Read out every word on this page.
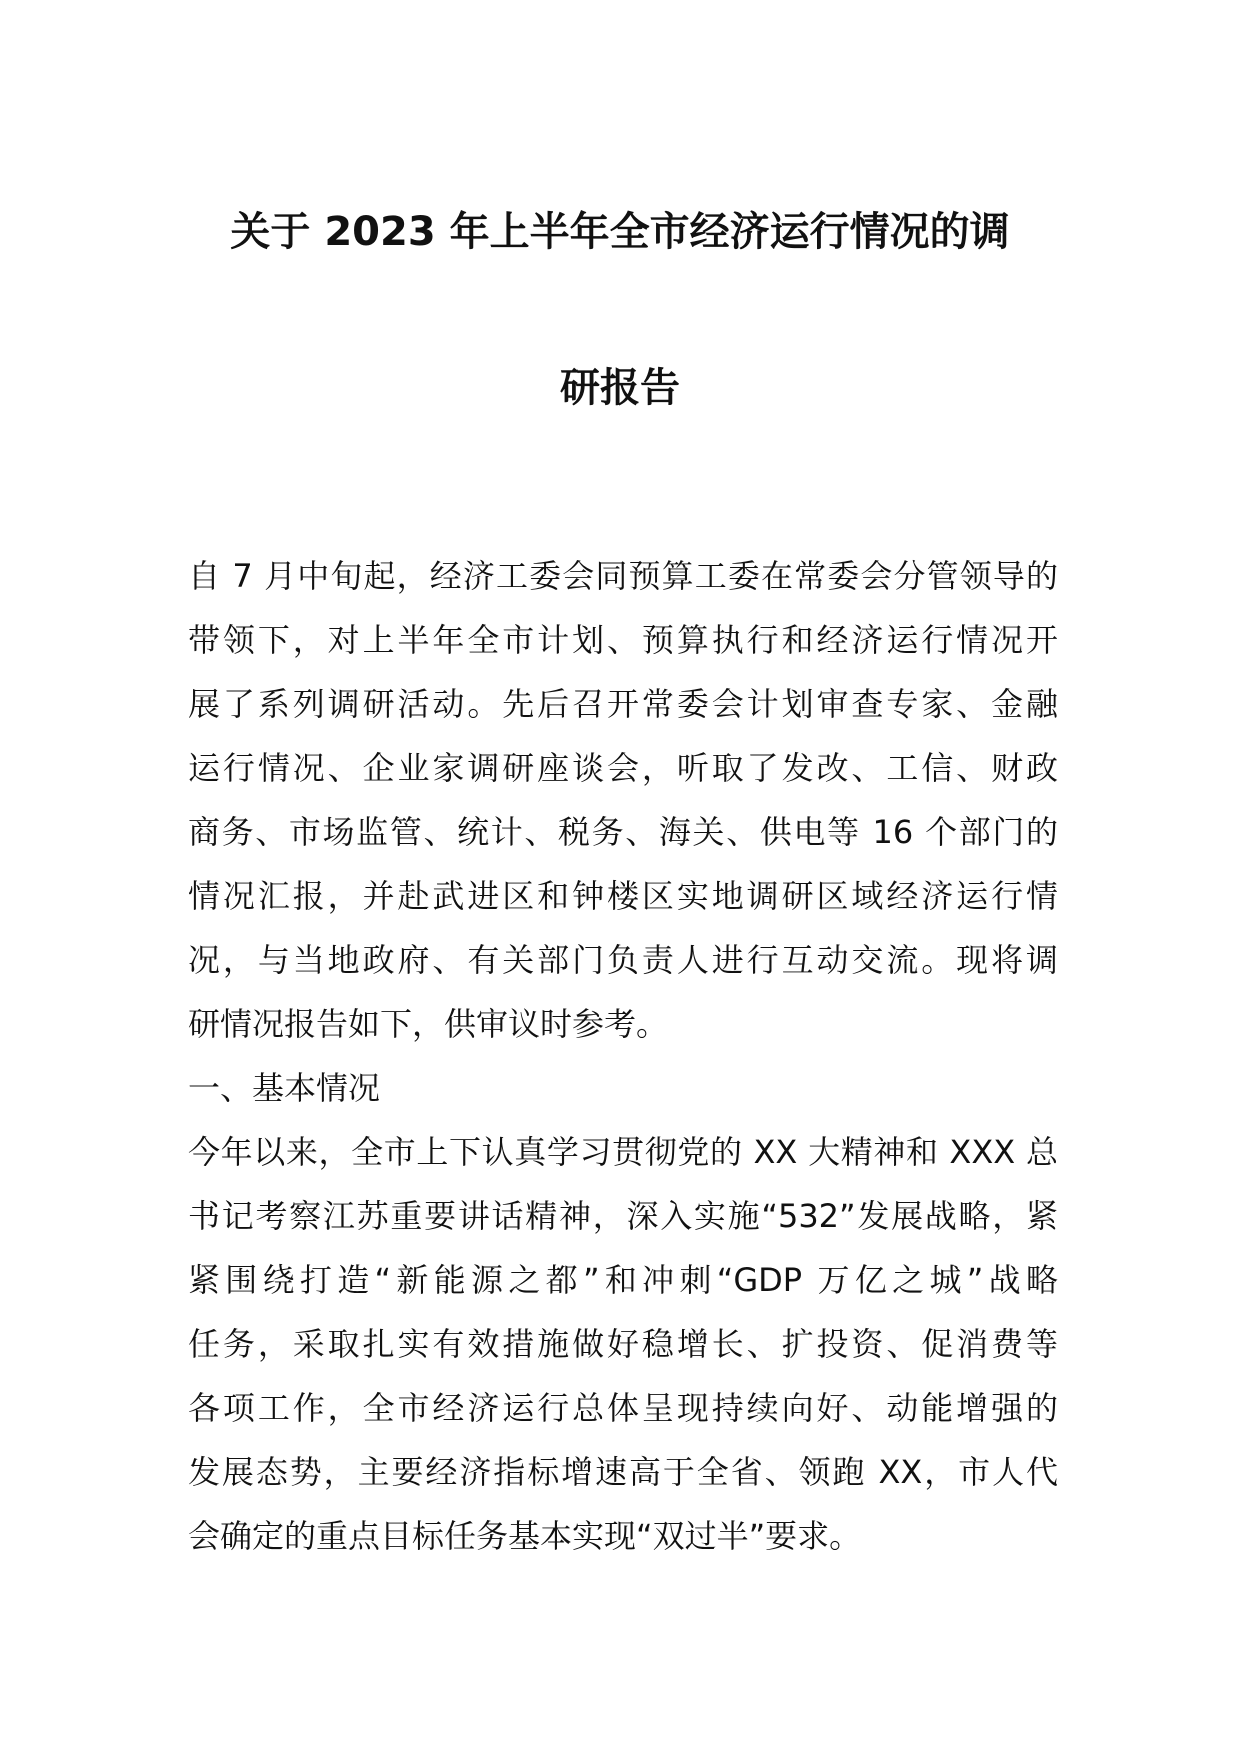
关于 2023 年上半年全市经济运行情况的调
研报告
自 7 月中旬起，经济工委会同预算工委在常委会分管领导的
带领下，对上半年全市计划、预算执行和经济运行情况开
展了系列调研活动。先后召开常委会计划审查专家、金融
运行情况、企业家调研座谈会，听取了发改、工信、财政
商务、市场监管、统计、税务、海关、供电等 16 个部门的
情况汇报，并赴武进区和钟楼区实地调研区域经济运行情
况，与当地政府、有关部门负责人进行互动交流。现将调
研情况报告如下，供审议时参考。
一、基本情况
今年以来，全市上下认真学习贯彻党的 XX 大精神和 XXX 总
书记考察江苏重要讲话精神，深入实施“532”发展战略，紧
紧围绕打造“新能源之都”和冲刺“GDP 万亿之城”战略
任务，采取扎实有效措施做好稳增长、扩投资、促消费等
各项工作，全市经济运行总体呈现持续向好、动能增强的
发展态势，主要经济指标增速高于全省、领跑 XX，市人代
会确定的重点目标任务基本实现“双过半”要求。
